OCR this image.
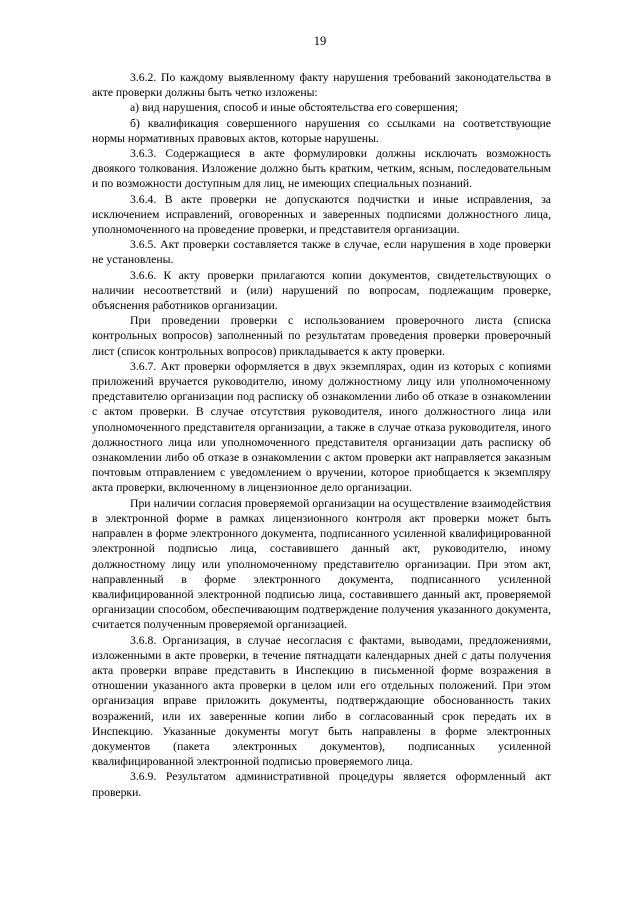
19

3.6.2. По каждому выявленному факту нарушения требований законодательства в акте проверки должны быть четко изложены:

а) вид нарушения, способ и иные обстоятельства его совершения;

б) квалификация совершенного нарушения со ссылками на соответствующие нормы нормативных правовых актов, которые нарушены.

3.6.3. Содержащиеся в акте формулировки должны исключать возможность двоякого толкования. Изложение должно быть кратким, четким, ясным, последовательным и по возможности доступным для лиц, не имеющих специальных познаний.

3.6.4. В акте проверки не допускаются подчистки и иные исправления, за исключением исправлений, оговоренных и заверенных подписями должностного лица, уполномоченного на проведение проверки, и представителя организации.

3.6.5. Акт проверки составляется также в случае, если нарушения в ходе проверки не установлены.

3.6.6. К акту проверки прилагаются копии документов, свидетельствующих о наличии несоответствий и (или) нарушений по вопросам, подлежащим проверке, объяснения работников организации.

При проведении проверки с использованием проверочного листа (списка контрольных вопросов) заполненный по результатам проведения проверки проверочный лист (список контрольных вопросов) прикладывается к акту проверки.

3.6.7. Акт проверки оформляется в двух экземплярах, один из которых с копиями приложений вручается руководителю, иному должностному лицу или уполномоченному представителю организации под расписку об ознакомлении либо об отказе в ознакомлении с актом проверки. В случае отсутствия руководителя, иного должностного лица или уполномоченного представителя организации, а также в случае отказа руководителя, иного должностного лица или уполномоченного представителя организации дать расписку об ознакомлении либо об отказе в ознакомлении с актом проверки акт направляется заказным почтовым отправлением с уведомлением о вручении, которое приобщается к экземпляру акта проверки, включенному в лицензионное дело организации.

При наличии согласия проверяемой организации на осуществление взаимодействия в электронной форме в рамках лицензионного контроля акт проверки может быть направлен в форме электронного документа, подписанного усиленной квалифицированной электронной подписью лица, составившего данный акт, руководителю, иному должностному лицу или уполномоченному представителю организации. При этом акт, направленный в форме электронного документа, подписанного усиленной квалифицированной электронной подписью лица, составившего данный акт, проверяемой организации способом, обеспечивающим подтверждение получения указанного документа, считается полученным проверяемой организацией.

3.6.8. Организация, в случае несогласия с фактами, выводами, предложениями, изложенными в акте проверки, в течение пятнадцати календарных дней с даты получения акта проверки вправе представить в Инспекцию в письменной форме возражения в отношении указанного акта проверки в целом или его отдельных положений. При этом организация вправе приложить документы, подтверждающие обоснованность таких возражений, или их заверенные копии либо в согласованный срок передать их в Инспекцию. Указанные документы могут быть направлены в форме электронных документов (пакета электронных документов), подписанных усиленной квалифицированной электронной подписью проверяемого лица.

3.6.9. Результатом административной процедуры является оформленный акт проверки.
